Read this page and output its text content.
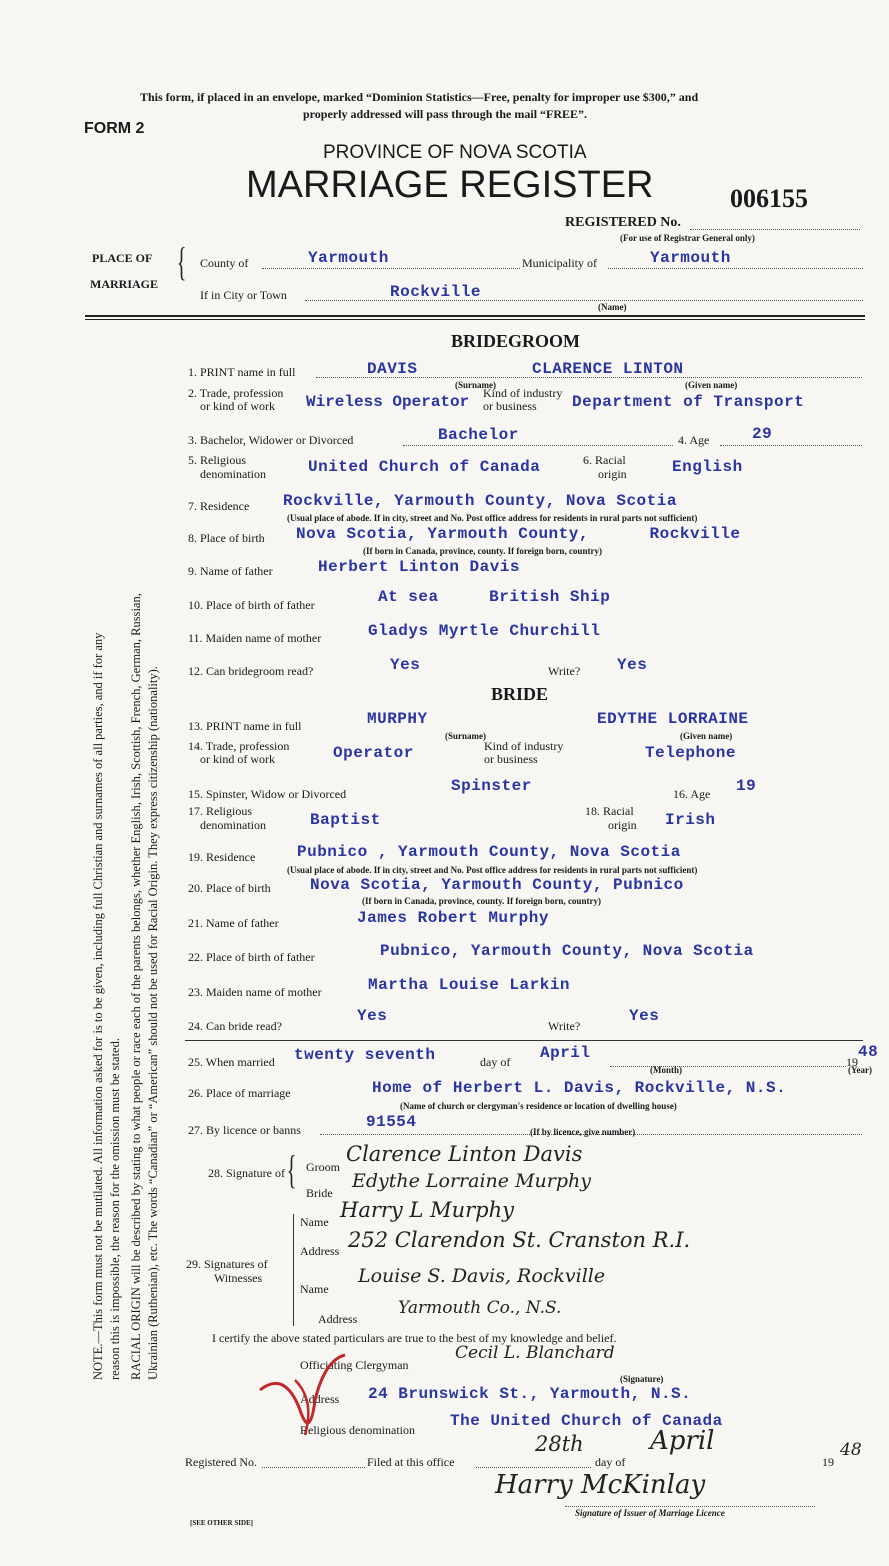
This form, if placed in an envelope, marked “Dominion Statistics—Free, penalty for improper use $300,” and
properly addressed will pass through the mail “FREE”.
FORM 2
PROVINCE OF NOVA SCOTIA
MARRIAGE REGISTER	006155
REGISTERED No.
(For use of Registrar General only)
PLACE OF
MARRIAGE { County of	Yarmouth	Municipality of	Yarmouth
If in City or Town	Rockville
(Name)
NOTE.—This form must not be mutilated. All information asked for is to be given, including full Christian and surnames of all parties, and if for any reason this is impossible, the reason for the omission must be stated. RACIAL ORIGIN will be described by stating to what people or race each of the parents belongs, whether English, Irish, Scottish, French, German, Russian, Ukrainian (Ruthenian), etc. The words “Canadian” or “American” should not be used for Racial Origin. They express citizenship (nationality).
BRIDEGROOM
1. PRINT name in full	DAVIS	CLARENCE LINTON
(Surname)	(Given name)
2. Trade, profession
or kind of work Wireless Operator Kind of industry
or business Department of Transport
3. Bachelor, Widower or Divorced	Bachelor	4. Age	29
5. Religious
denomination	United Church of Canada	6. Racial
origin	English
7. Residence Rockville, Yarmouth County, Nova Scotia
(Usual place of abode. If in city, street and No. Post office address for residents in rural parts not sufficient)
8. Place of birth Nova Scotia, Yarmouth County,      Rockville
(If born in Canada, province, county. If foreign born, country)
9. Name of father	Herbert Linton Davis
10. Place of birth of father	At sea     British Ship
11. Maiden name of mother	Gladys Myrtle Churchill
12. Can bridegroom read?	Yes	Write? Yes
BRIDE
13. PRINT name in full	MURPHY	EDYTHE LORRAINE
(Surname)	(Given name)
14. Trade, profession
or kind of work	Operator	Kind of industry
or business	Telephone
15. Spinster, Widow or Divorced	Spinster	16. Age 19
17. Religious
denomination	Baptist	18. Racial
origin Irish
19. Residence	Pubnico , Yarmouth County, Nova Scotia
(Usual place of abode. If in city, street and No. Post office address for residents in rural parts not sufficient)
20. Place of birth Nova Scotia, Yarmouth County, Pubnico
(If born in Canada, province, county. If foreign born, country)
21. Name of father	James Robert Murphy
22. Place of birth of father	Pubnico, Yarmouth County, Nova Scotia
23. Maiden name of mother	Martha Louise Larkin
24. Can bride read?
Yes
Write?
Yes
25. When married twenty seventh	day of April	19
48
(Month)	(Year)
26. Place of marriage	Home of Herbert L. Davis, Rockville, N.S.
(Name of church or clergyman's residence or location of dwelling house)
27. By licence or banns	91554
(If by licence, give number)
28. Signature of { Groom
Clarence Linton Davis
Bride
Edythe Lorraine Murphy
29. Signatures of
Witnesses
Name Harry L Murphy
Address 252 Clarendon St. Cranston R.I.
Name
Louise S. Davis, Rockville
Address
Yarmouth Co., N.S.
I certify the above stated particulars are true to the best of my knowledge and belief.
Officiating Clergyman
Cecil L. Blanchard
(Signature)
Address 24 Brunswick St., Yarmouth, N.S.
Religious denomination The United Church of Canada
Registered No.	Filed at this office
28th
day of
April
19
48
Harry McKinlay
Signature of Issuer of Marriage Licence
[SEE OTHER SIDE]
